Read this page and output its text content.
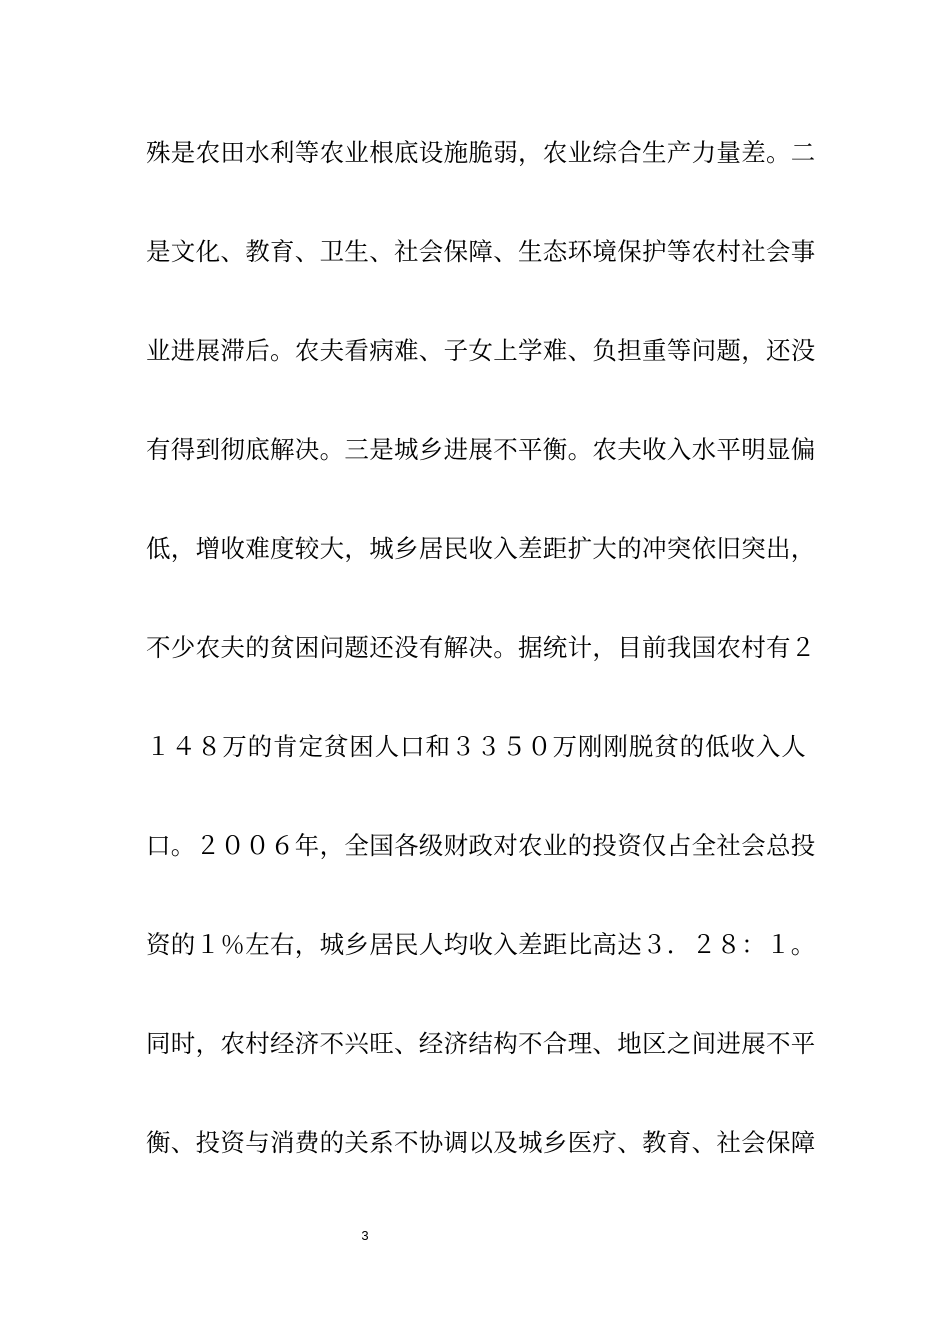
殊是农田水利等农业根底设施脆弱，农业综合生产力量差。二
是文化、教育、卫生、社会保障、生态环境保护等农村社会事
业进展滞后。农夫看病难、子女上学难、负担重等问题，还没
有得到彻底解决。三是城乡进展不平衡。农夫收入水平明显偏
低，增收难度较大，城乡居民收入差距扩大的冲突依旧突出，
不少农夫的贫困问题还没有解决。据统计，目前我国农村有２
１４８万的肯定贫困人口和３３５０万刚刚脱贫的低收入人
口。２００６年，全国各级财政对农业的投资仅占全社会总投
资的１％左右，城乡居民人均收入差距比高达３．２８：１。
同时，农村经济不兴旺、经济结构不合理、地区之间进展不平
衡、投资与消费的关系不协调以及城乡医疗、教育、社会保障
3
